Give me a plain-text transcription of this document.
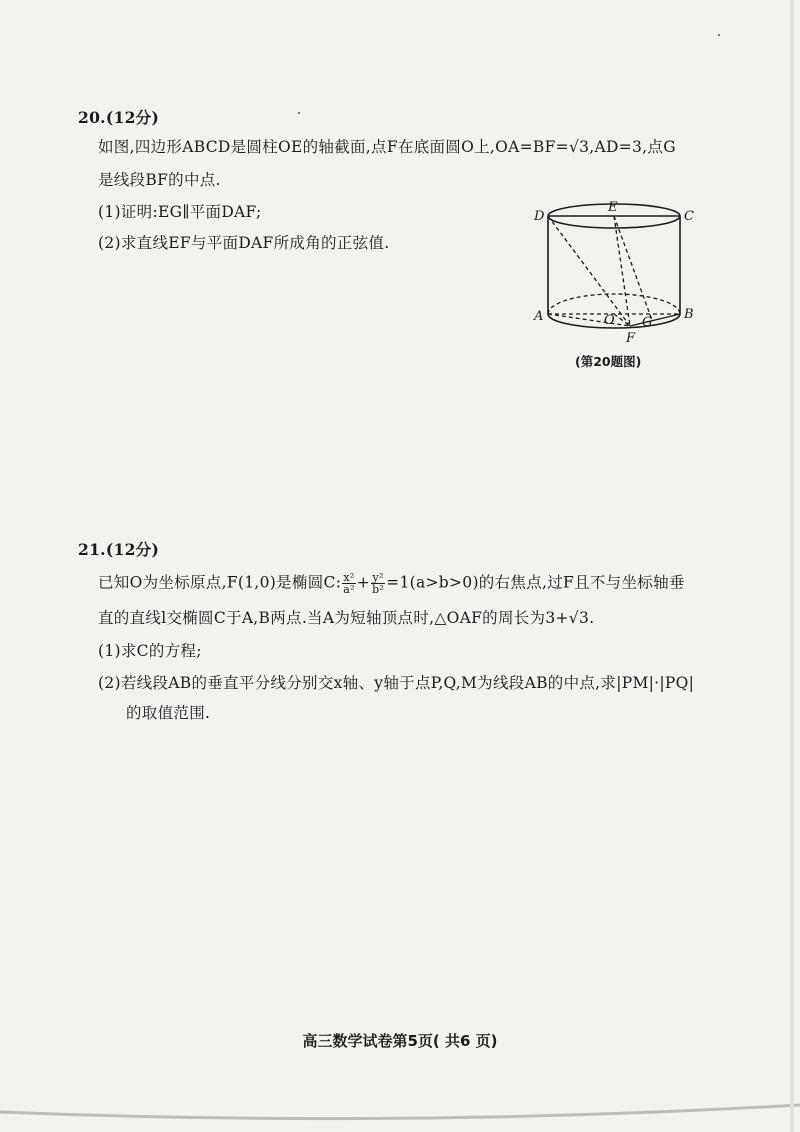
20.(12分)
如图,四边形ABCD是圆柱OE的轴截面,点F在底面圆O上,OA=BF=√3,AD=3,点G
是线段BF的中点.
(1)证明:EG∥平面DAF;
(2)求直线EF与平面DAF所成角的正弦值.
D
E
C
A	O G
B
F
(第20题图)
21.(12分)
已知O为坐标原点,F(1,0)是椭圆C: $\frac{\text{x²}}{\text{a²}} + \frac{\text{y²}}{\text{b²}} =1(a>b>0)$的右焦点,过F且不与坐标轴垂
直的直线l交椭圆C于A,B两点.当A为短轴顶点时,△OAF的周长为3+√3.
(1)求C的方程;
(2)若线段AB的垂直平分线分别交x轴、y轴于点P,Q,M为线段AB的中点,求|PM|·|PQ|
的取值范围.
高三数学试卷第5页( 共6 页)
